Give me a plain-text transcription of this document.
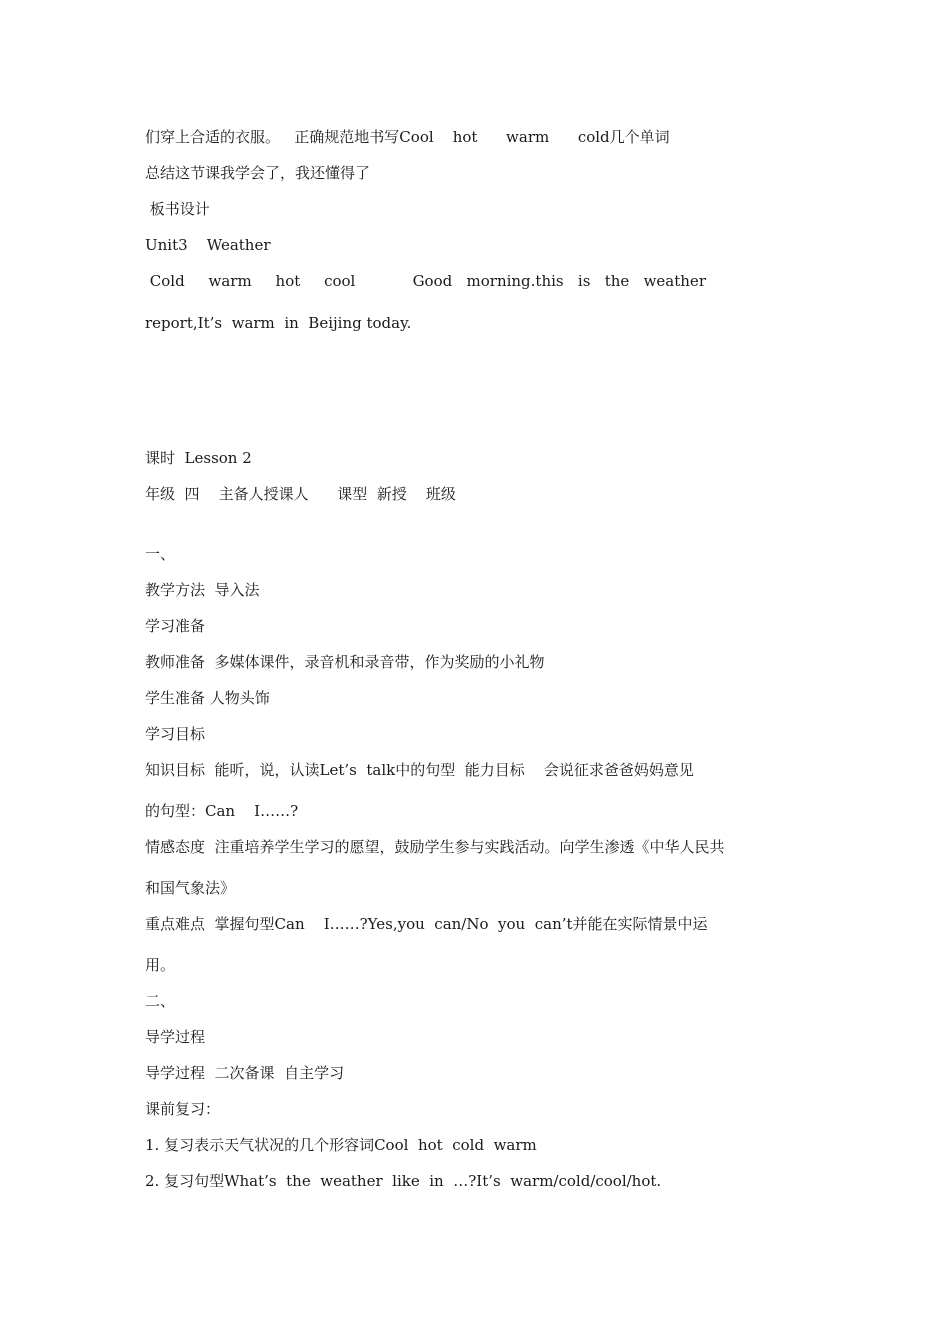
们穿上合适的衣服。   正确规范地书写Cool    hot      warm      cold几个单词
总结这节课我学会了，我还懂得了
板书设计
Unit3    Weather
Cold     warm     hot     cool            Good   morning.this   is   the   weather
report,It’s  warm  in  Beijing today.
课时  Lesson 2
年级  四    主备人授课人      课型  新授    班级
一、
教学方法  导入法
学习准备
教师准备  多媒体课件，录音机和录音带，作为奖励的小礼物
学生准备 人物头饰
学习目标
知识目标  能听，说，认读Let’s  talk中的句型  能力目标    会说征求爸爸妈妈意见
的句型：Can    I……?
情感态度  注重培养学生学习的愿望，鼓励学生参与实践活动。向学生渗透《中华人民共
和国气象法》
重点难点  掌握句型Can    I……?Yes,you  can/No  you  can’t并能在实际情景中运
用。
二、
导学过程
导学过程  二次备课  自主学习
课前复习：
1. 复习表示天气状况的几个形容词Cool  hot  cold  warm
2. 复习句型What’s  the  weather  like  in  …?It’s  warm/cold/cool/hot.
